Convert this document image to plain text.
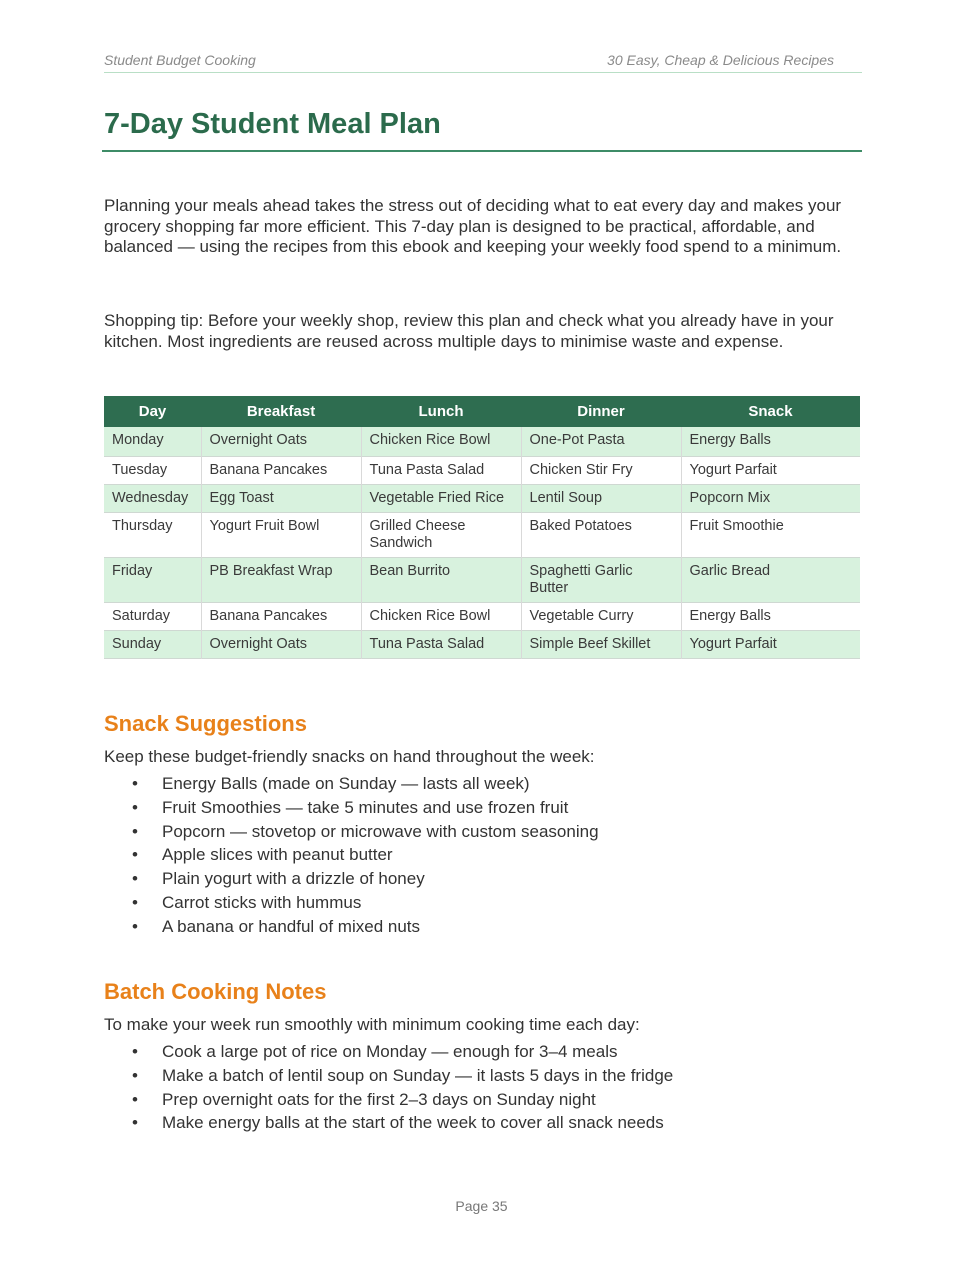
Student Budget Cooking	30 Easy, Cheap & Delicious Recipes
7-Day Student Meal Plan

Planning your meals ahead takes the stress out of deciding what to eat every day and makes your grocery shopping far more efficient. This 7-day plan is designed to be practical, affordable, and balanced — using the recipes from this ebook and keeping your weekly food spend to a minimum.

Shopping tip: Before your weekly shop, review this plan and check what you already have in your kitchen. Most ingredients are reused across multiple days to minimise waste and expense.

Day	Breakfast	Lunch	Dinner	Snack
Monday	Overnight Oats	Chicken Rice Bowl	One-Pot Pasta	Energy Balls
Tuesday	Banana Pancakes	Tuna Pasta Salad	Chicken Stir Fry	Yogurt Parfait
Wednesday	Egg Toast	Vegetable Fried Rice	Lentil Soup	Popcorn Mix
Thursday	Yogurt Fruit Bowl	Grilled Cheese Sandwich	Baked Potatoes	Fruit Smoothie
Friday	PB Breakfast Wrap	Bean Burrito	Spaghetti Garlic Butter	Garlic Bread
Saturday	Banana Pancakes	Chicken Rice Bowl	Vegetable Curry	Energy Balls
Sunday	Overnight Oats	Tuna Pasta Salad	Simple Beef Skillet	Yogurt Parfait
Snack Suggestions

Keep these budget-friendly snacks on hand throughout the week:

• Energy Balls (made on Sunday — lasts all week)
• Fruit Smoothies — take 5 minutes and use frozen fruit
• Popcorn — stovetop or microwave with custom seasoning
• Apple slices with peanut butter
• Plain yogurt with a drizzle of honey
• Carrot sticks with hummus
• A banana or handful of mixed nuts
Batch Cooking Notes

To make your week run smoothly with minimum cooking time each day:

• Cook a large pot of rice on Monday — enough for 3–4 meals
• Make a batch of lentil soup on Sunday — it lasts 5 days in the fridge
• Prep overnight oats for the first 2–3 days on Sunday night
• Make energy balls at the start of the week to cover all snack needs
Page 35
